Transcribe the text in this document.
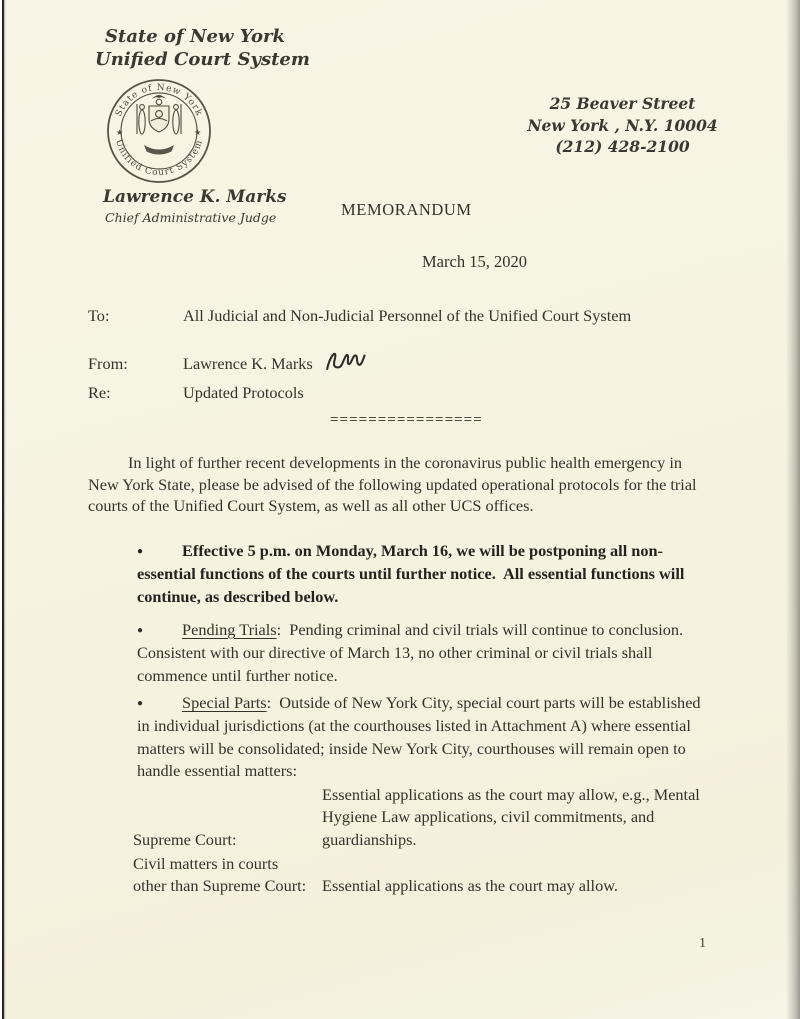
State of New York
Unified Court System
State of New York
Unified Court System
★	★
Lawrence K. Marks
Chief Administrative Judge
25 Beaver Street
New York , N.Y. 10004
(212) 428-2100
MEMORANDUM
March 15, 2020
To:	All Judicial and Non-Judicial Personnel of the Unified Court System
From:	Lawrence K. Marks
Re:	Updated Protocols
================
In light of further recent developments in the coronavirus public health emergency in
New York State, please be advised of the following updated operational protocols for the trial
courts of the Unified Court System, as well as all other UCS offices.
● Effective 5 p.m. on Monday, March 16, we will be postponing all non-
essential functions of the courts until further notice.  All essential functions will
continue, as described below.
● Pending Trials:  Pending criminal and civil trials will continue to conclusion.
Consistent with our directive of March 13, no other criminal or civil trials shall
commence until further notice.
● Special Parts:  Outside of New York City, special court parts will be established
in individual jurisdictions (at the courthouses listed in Attachment A) where essential
matters will be consolidated; inside New York City, courthouses will remain open to
handle essential matters:
Supreme Court:
Essential applications as the court may allow, e.g., Mental
Hygiene Law applications, civil commitments, and
guardianships.
Civil matters in courts
other than Supreme Court: Essential applications as the court may allow.
1
